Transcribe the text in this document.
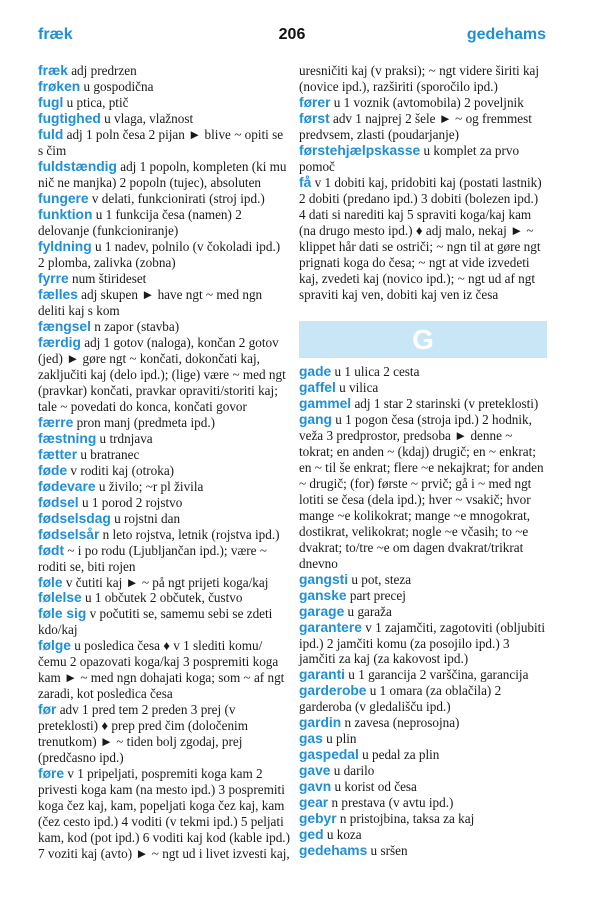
fræk	206	gedehams

fræk adj predrzen

frøken u gospodična

fugl u ptica, ptič

fugtighed u vlaga, vlažnost

fuld adj 1 poln česa 2 pijan ► blive ~ opiti se s čim

fuldstændig adj 1 popoln, kompleten (ki mu nič ne manjka) 2 popoln (tujec), absoluten

fungere v delati, funkcionirati (stroj ipd.)

funktion u 1 funkcija česa (namen) 2 delovanje (funkcioniranje)

fyldning u 1 nadev, polnilo (v čokoladi ipd.) 2 plomba, zalivka (zobna)

fyrre num štirideset

fælles adj skupen ► have ngt ~ med ngn deliti kaj s kom

fængsel n zapor (stavba)

færdig adj 1 gotov (naloga), končan 2 gotov (jed) ► gøre ngt ~ končati, dokončati kaj, zaključiti kaj (delo ipd.); (lige) være ~ med ngt (pravkar) končati, pravkar opraviti/storiti kaj; tale ~ povedati do konca, končati govor

færre pron manj (predmeta ipd.)

fæstning u trdnjava

fætter u bratranec

føde v roditi kaj (otroka)

fødevare u živilo; ~r pl živila

fødsel u 1 porod 2 rojstvo

fødselsdag u rojstni dan

fødselsår n leto rojstva, letnik (rojstva ipd.)

født ~ i po rodu (Ljubljančan ipd.); være ~ roditi se, biti rojen

føle v čutiti kaj ► ~ på ngt prijeti koga/kaj

følelse u 1 občutek 2 občutek, čustvo

føle sig v počutiti se, samemu sebi se zdeti kdo/kaj

følge u posledica česa ♦ v 1 slediti komu/čemu 2 opazovati koga/kaj 3 pospremiti koga kam ► ~ med ngn dohajati koga; som ~ af ngt zaradi, kot posledica česa

før adv 1 pred tem 2 preden 3 prej (v preteklosti) ♦ prep pred čim (določenim trenutkom) ► ~ tiden bolj zgodaj, prej (predčasno ipd.)

føre v 1 pripeljati, pospremiti koga kam 2 privesti koga kam (na mesto ipd.) 3 pospremiti koga čez kaj, kam, popeljati koga čez kaj, kam (čez cesto ipd.) 4 voditi (v tekmi ipd.) 5 peljati kam, kod (pot ipd.) 6 voditi kaj kod (kable ipd.) 7 voziti kaj (avto) ► ~ ngt ud i livet izvesti kaj,

uresničiti kaj (v praksi); ~ ngt videre širiti kaj (novice ipd.), razširiti (sporočilo ipd.)

fører u 1 voznik (avtomobila) 2 poveljnik

først adv 1 najprej 2 šele ► ~ og fremmest predvsem, zlasti (poudarjanje)

førstehjælpskasse u komplet za prvo pomoč

få v 1 dobiti kaj, pridobiti kaj (postati lastnik) 2 dobiti (predano ipd.) 3 dobiti (bolezen ipd.) 4 dati si narediti kaj 5 spraviti koga/kaj kam (na drugo mesto ipd.) ♦ adj malo, nekaj ► ~ klippet hår dati se ostriči; ~ ngn til at gøre ngt prignati koga do česa; ~ ngt at vide izvedeti kaj, zvedeti kaj (novico ipd.); ~ ngt ud af ngt spraviti kaj ven, dobiti kaj ven iz česa

G

gade u 1 ulica 2 cesta

gaffel u vilica

gammel adj 1 star 2 starinski (v preteklosti)

gang u 1 pogon česa (stroja ipd.) 2 hodnik, veža 3 predprostor, predsoba ► denne ~ tokrat; en anden ~ (kdaj) drugič; en ~ enkrat; en ~ til še enkrat; flere ~e nekajkrat; for anden ~ drugič; (for) første ~ prvič; gå i ~ med ngt lotiti se česa (dela ipd.); hver ~ vsakič; hvor mange ~e kolikokrat; mange ~e mnogokrat, dostikrat, velikokrat; nogle ~e včasih; to ~e dvakrat; to/tre ~e om dagen dvakrat/trikrat dnevno

gangsti u pot, steza

ganske part precej

garage u garaža

garantere v 1 zajamčiti, zagotoviti (obljubiti ipd.) 2 jamčiti komu (za posojilo ipd.) 3 jamčiti za kaj (za kakovost ipd.)

garanti u 1 garancija 2 varščina, garancija

garderobe u 1 omara (za oblačila) 2 garderoba (v gledališču ipd.)

gardin n zavesa (neprosojna)

gas u plin

gaspedal u pedal za plin

gave u darilo

gavn u korist od česa

gear n prestava (v avtu ipd.)

gebyr n pristojbina, taksa za kaj

ged u koza

gedehams u sršen
